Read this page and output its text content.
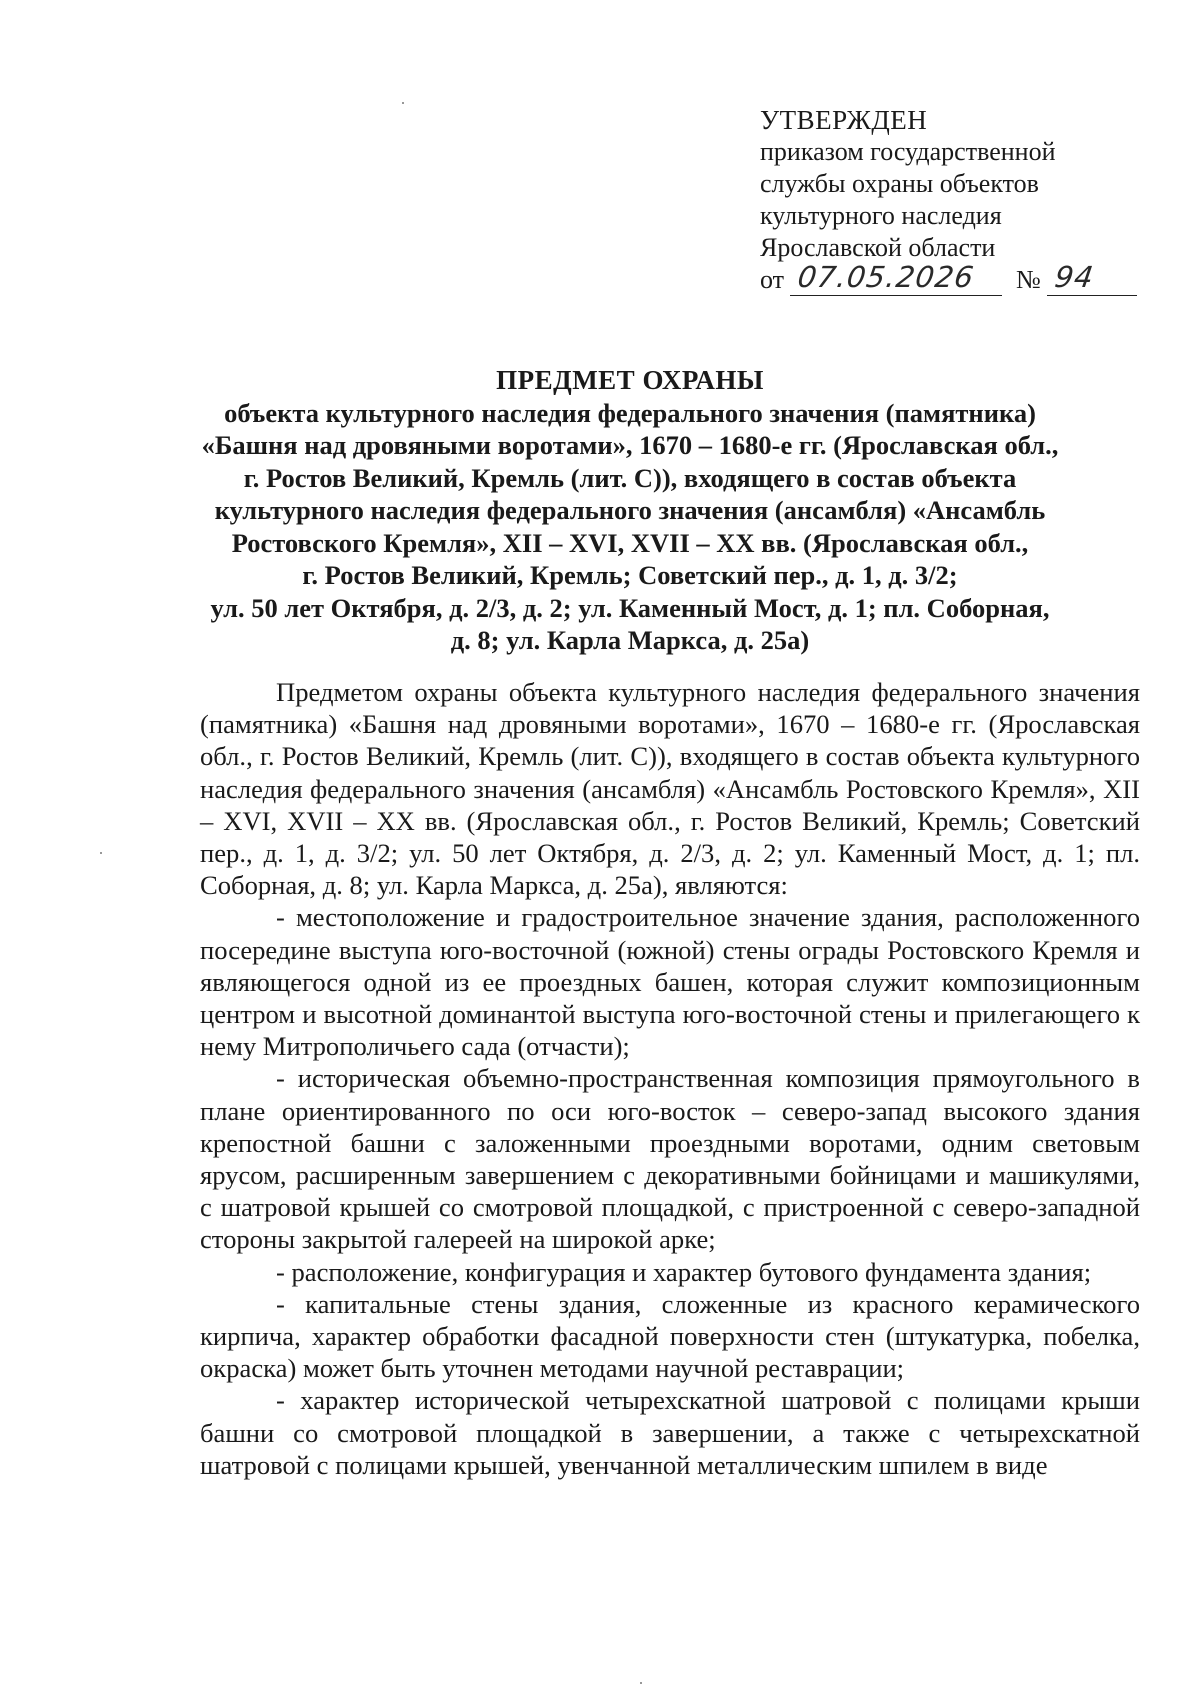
УТВЕРЖДЕН
приказом государственной
службы охраны объектов
культурного наследия
Ярославской области
от 07.05.2026 № 94
ПРЕДМЕТ ОХРАНЫ
объекта культурного наследия федерального значения (памятника)
«Башня над дровяными воротами», 1670 – 1680-е гг. (Ярославская обл.,
г. Ростов Великий, Кремль (лит. С)), входящего в состав объекта
культурного наследия федерального значения (ансамбля) «Ансамбль
Ростовского Кремля», XII – XVI, XVII – XX вв. (Ярославская обл.,
г. Ростов Великий, Кремль; Советский пер., д. 1, д. 3/2;
ул. 50 лет Октября, д. 2/3, д. 2; ул. Каменный Мост, д. 1; пл. Соборная,
д. 8; ул. Карла Маркса, д. 25а)

Предметом охраны объекта культурного наследия федерального значения (памятника) «Башня над дровяными воротами», 1670 – 1680-е гг. (Ярославская обл., г. Ростов Великий, Кремль (лит. С)), входящего в состав объекта культурного наследия федерального значения (ансамбля) «Ансамбль Ростовского Кремля», XII – XVI, XVII – XX вв. (Ярославская обл., г. Ростов Великий, Кремль; Советский пер., д. 1, д. 3/2; ул. 50 лет Октября, д. 2/3, д. 2; ул. Каменный Мост, д. 1; пл. Соборная, д. 8; ул. Карла Маркса, д. 25а), являются:

- местоположение и градостроительное значение здания, расположенного посередине выступа юго-восточной (южной) стены ограды Ростовского Кремля и являющегося одной из ее проездных башен, которая служит композиционным центром и высотной доминантой выступа юго-восточной стены и прилегающего к нему Митрополичьего сада (отчасти);

- историческая объемно-пространственная композиция прямоугольного в плане ориентированного по оси юго-восток – северо-запад высокого здания крепостной башни с заложенными проездными воротами, одним световым ярусом, расширенным завершением с декоративными бойницами и машикулями, с шатровой крышей со смотровой площадкой, с пристроенной с северо-западной стороны закрытой галереей на широкой арке;

- расположение, конфигурация и характер бутового фундамента здания;

- капитальные стены здания, сложенные из красного керамического кирпича, характер обработки фасадной поверхности стен (штукатурка, побелка, окраска) может быть уточнен методами научной реставрации;

- характер исторической четырехскатной шатровой с полицами крыши башни со смотровой площадкой в завершении, а также с четырехскатной шатровой с полицами крышей, увенчанной металлическим шпилем в виде
